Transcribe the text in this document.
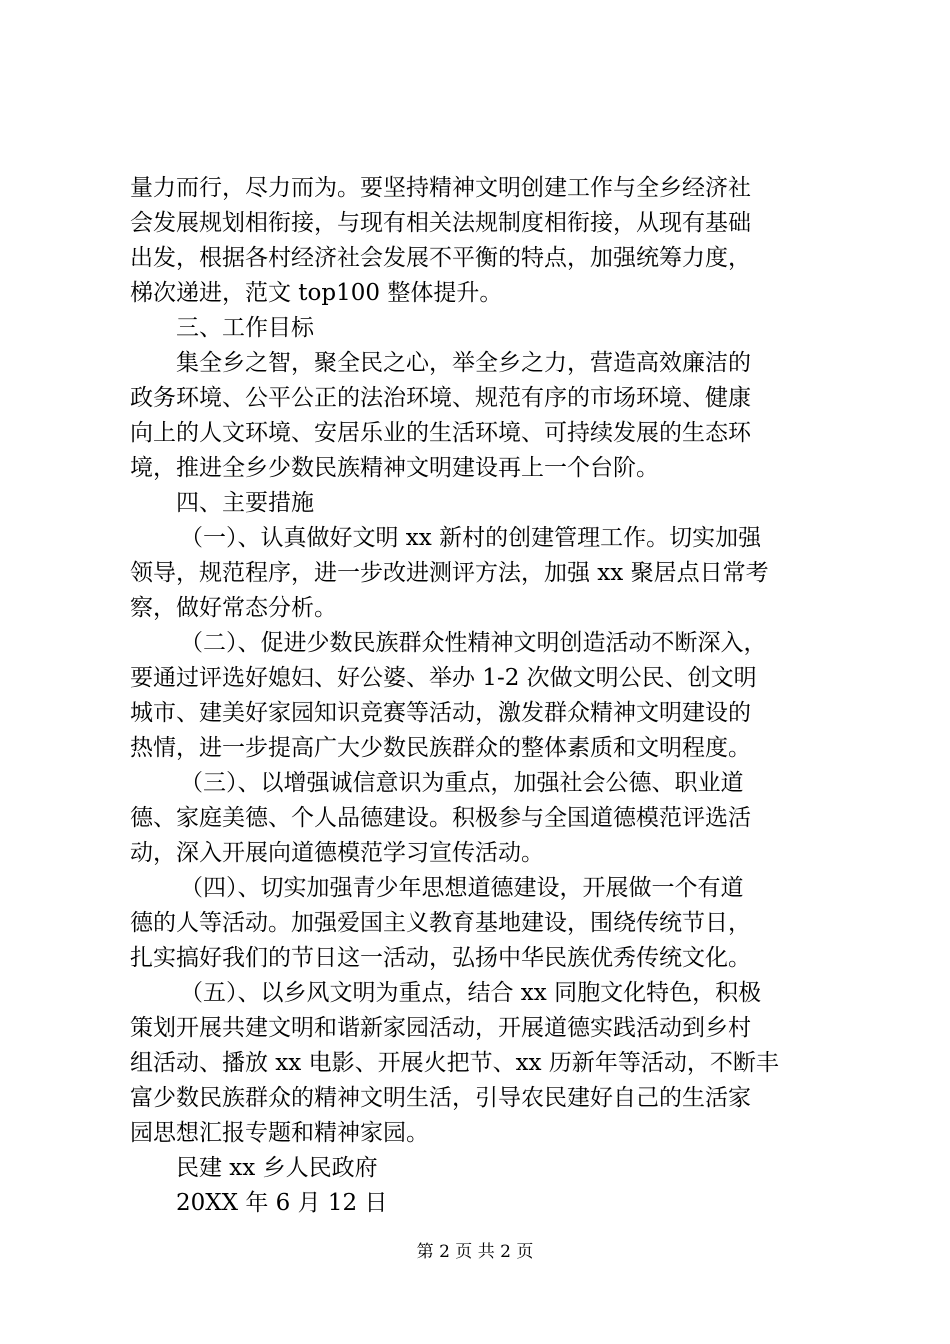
量力而行，尽力而为。要坚持精神文明创建工作与全乡经济社
会发展规划相衔接，与现有相关法规制度相衔接，从现有基础
出发，根据各村经济社会发展不平衡的特点，加强统筹力度，
梯次递进，范文 top100 整体提升。
三、工作目标
集全乡之智，聚全民之心，举全乡之力，营造高效廉洁的
政务环境、公平公正的法治环境、规范有序的市场环境、健康
向上的人文环境、安居乐业的生活环境、可持续发展的生态环
境，推进全乡少数民族精神文明建设再上一个台阶。
四、主要措施
（一）、认真做好文明 xx 新村的创建管理工作。切实加强
领导，规范程序，进一步改进测评方法，加强 xx 聚居点日常考
察，做好常态分析。
（二）、促进少数民族群众性精神文明创造活动不断深入，
要通过评选好媳妇、好公婆、举办 1-2 次做文明公民、创文明
城市、建美好家园知识竞赛等活动，激发群众精神文明建设的
热情，进一步提高广大少数民族群众的整体素质和文明程度。
（三）、以增强诚信意识为重点，加强社会公德、职业道
德、家庭美德、个人品德建设。积极参与全国道德模范评选活
动，深入开展向道德模范学习宣传活动。
（四）、切实加强青少年思想道德建设，开展做一个有道
德的人等活动。加强爱国主义教育基地建设，围绕传统节日，
扎实搞好我们的节日这一活动，弘扬中华民族优秀传统文化。
（五）、以乡风文明为重点，结合 xx 同胞文化特色，积极
策划开展共建文明和谐新家园活动，开展道德实践活动到乡村
组活动、播放 xx 电影、开展火把节、xx 历新年等活动，不断丰
富少数民族群众的精神文明生活，引导农民建好自己的生活家
园思想汇报专题和精神家园。
民建 xx 乡人民政府
20XX 年 6 月 12 日
第 2 页 共 2 页
